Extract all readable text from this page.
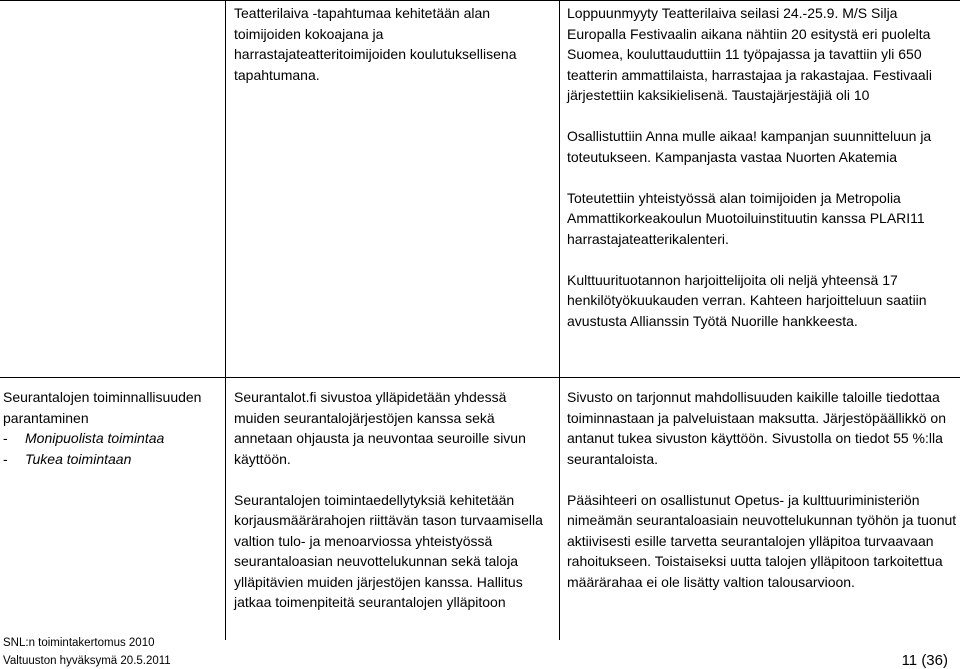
Teatterilaiva -tapahtumaa kehitetään alan toimijoiden kokoajana ja harrastajateatteritoimijoiden koulutuksellisena tapahtumana.

Loppuunmyyty Teatterilaiva seilasi 24.-25.9. M/S Silja Europalla Festivaalin aikana nähtiin 20 esitystä eri puolelta Suomea, kouluttauduttiin 11 työpajassa ja tavattiin yli 650 teatterin ammattilaista, harrastajaa ja rakastajaa. Festivaali järjestettiin kaksikielisenä. Taustajärjestäjiä oli 10

Osallistuttiin Anna mulle aikaa! kampanjan suunnitteluun ja toteutukseen. Kampanjasta vastaa Nuorten Akatemia

Toteutettiin yhteistyössä alan toimijoiden ja Metropolia Ammattikorkeakoulun Muotoiluinstituutin kanssa PLARI11 harrastajateatterikalenteri.

Kulttuurituotannon harjoittelijoita oli neljä yhteensä 17 henkilötyökuukauden verran. Kahteen harjoitteluun saatiin avustusta Allianssin Työtä Nuorille hankkeesta.

Seurantalojen toiminnallisuuden parantaminen

- Monipuolista toimintaa
- Tukea toimintaan

Seurantalot.fi sivustoa ylläpidetään yhdessä muiden seurantalojärjestöjen kanssa sekä annetaan ohjausta ja neuvontaa seuroille sivun käyttöön.

Seurantalojen toimintaedellytyksiä kehitetään korjausmäärärahojen riittävän tason turvaamisella valtion tulo- ja menoarviossa yhteistyössä seurantaloasian neuvottelukunnan sekä taloja ylläpitävien muiden järjestöjen kanssa. Hallitus jatkaa toimenpiteitä seurantalojen ylläpitoon

Sivusto on tarjonnut mahdollisuuden kaikille taloille tiedottaa toiminnastaan ja palveluistaan maksutta. Järjestöpäällikkö on antanut tukea sivuston käyttöön. Sivustolla on tiedot 55 %:lla seurantaloista.

Pääsihteeri on osallistunut Opetus- ja kulttuuriministeriön nimeämän seurantaloasiain neuvottelukunnan työhön ja tuonut aktiivisesti esille tarvetta seurantalojen ylläpitoa turvaavaan rahoitukseen. Toistaiseksi uutta talojen ylläpitoon tarkoitettua määrärahaa ei ole lisätty valtion talousarvioon.

SNL:n toimintakertomus 2010
Valtuuston hyväksymä 20.5.2011	11 (36)
